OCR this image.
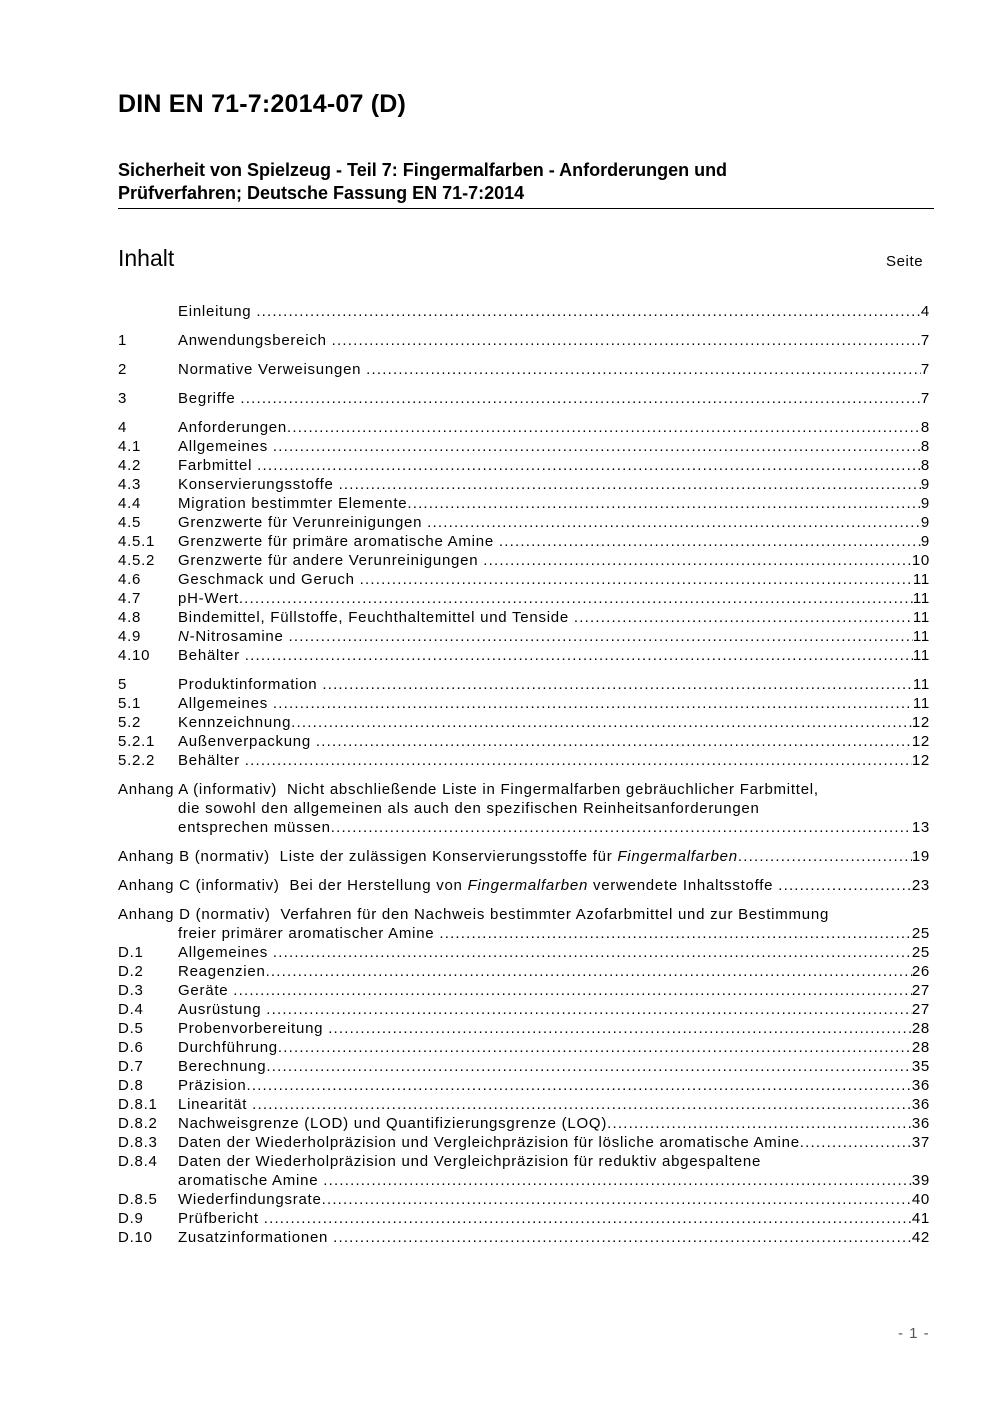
DIN EN 71-7:2014-07 (D)
Sicherheit von Spielzeug - Teil 7: Fingermalfarben - Anforderungen und
Prüfverfahren; Deutsche Fassung EN 71-7:2014
Inhalt	Seite
Einleitung .....	4
1	Anwendungsbereich .....	7
2	Normative Verweisungen .....	7
3	Begriffe .....	7
4	Anforderungen .....	8
4.1	Allgemeines .....	8
4.2	Farbmittel .....	8
4.3	Konservierungsstoffe .....	9
4.4	Migration bestimmter Elemente .....	9
4.5	Grenzwerte für Verunreinigungen .....	9
4.5.1	Grenzwerte für primäre aromatische Amine .....	9
4.5.2	Grenzwerte für andere Verunreinigungen .....	10
4.6	Geschmack und Geruch .....	11
4.7	pH-Wert .....	11
4.8	Bindemittel, Füllstoffe, Feuchthaltemittel und Tenside .....	11
4.9	N-Nitrosamine .....	11
4.10	Behälter .....	11
5	Produktinformation .....	11
5.1	Allgemeines .....	11
5.2	Kennzeichnung .....	12
5.2.1	Außenverpackung .....	12
5.2.2	Behälter .....	12
Anhang A (informativ)  Nicht abschließende Liste in Fingermalfarben gebräuchlicher Farbmittel,
die sowohl den allgemeinen als auch den spezifischen Reinheitsanforderungen
entsprechen müssen .....	13
Anhang B (normativ)  Liste der zulässigen Konservierungsstoffe für Fingermalfarben .....	19
Anhang C (informativ)  Bei der Herstellung von Fingermalfarben verwendete Inhaltsstoffe .....	23
Anhang D (normativ)  Verfahren für den Nachweis bestimmter Azofarbmittel und zur Bestimmung
freier primärer aromatischer Amine .....	25
D.1	Allgemeines .....	25
D.2	Reagenzien .....	26
D.3	Geräte .....	27
D.4	Ausrüstung .....	27
D.5	Probenvorbereitung .....	28
D.6	Durchführung .....	28
D.7	Berechnung .....	35
D.8	Präzision .....	36
D.8.1	Linearität .....	36
D.8.2	Nachweisgrenze (LOD) und Quantifizierungsgrenze (LOQ) .....	36
D.8.3	Daten der Wiederholpräzision und Vergleichpräzision für lösliche aromatische Amine .....	37
D.8.4	Daten der Wiederholpräzision und Vergleichpräzision für reduktiv abgespaltene
aromatische Amine .....	39
D.8.5	Wiederfindungsrate .....	40
D.9	Prüfbericht .....	41
D.10	Zusatzinformationen .....	42
- 1 -
